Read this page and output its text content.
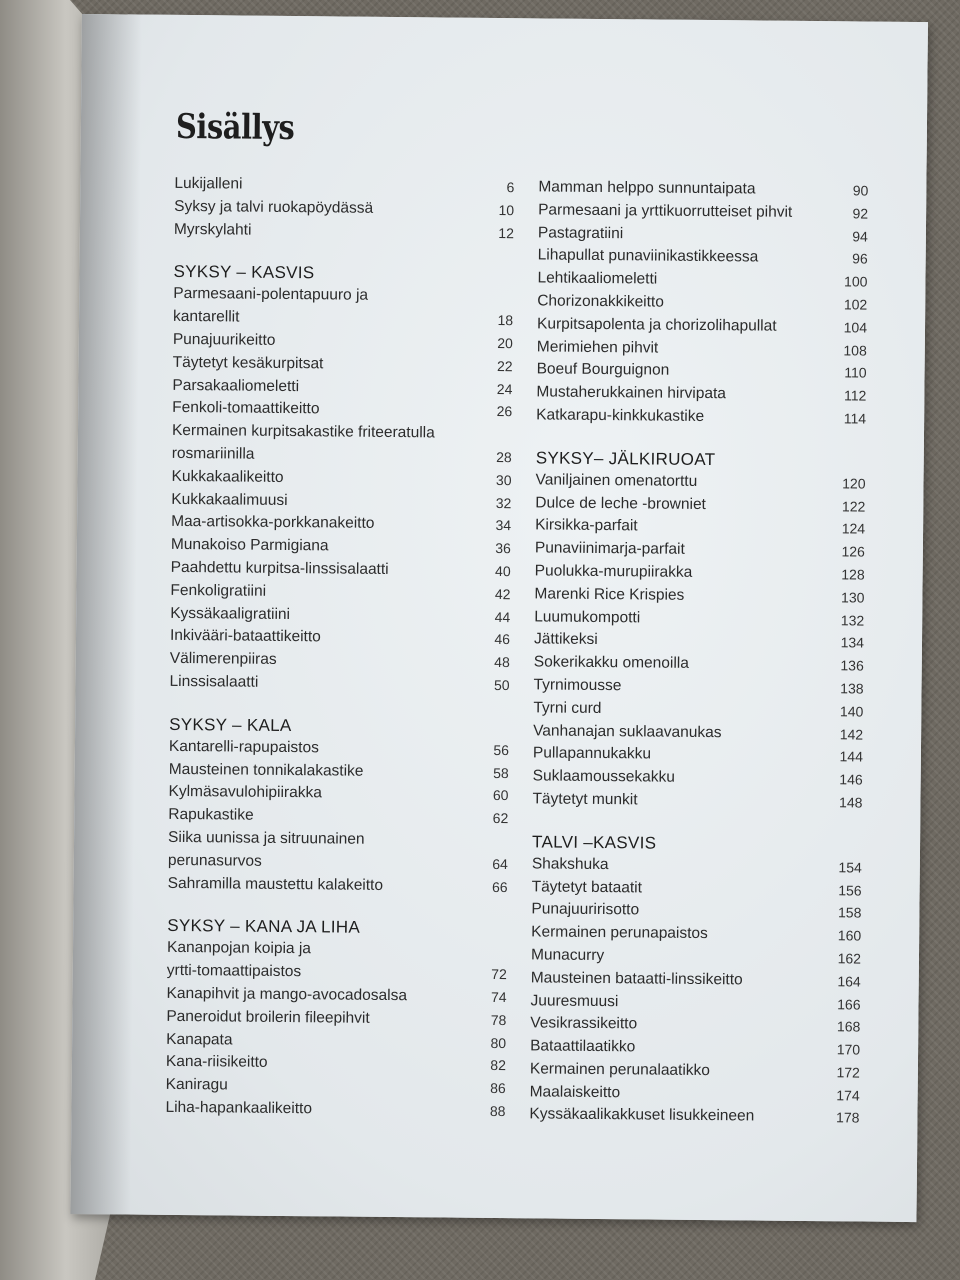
Sisällys
Lukijalleni	6
Syksy ja talvi ruokapöydässä	10
Myrskylahti	12
SYKSY – KASVIS
Parmesaani-polentapuuro ja
kantarellit	18
Punajuurikeitto	20
Täytetyt kesäkurpitsat	22
Parsakaaliomeletti	24
Fenkoli-tomaattikeitto	26
Kermainen kurpitsakastike friteeratulla
rosmariinilla	28
Kukkakaalikeitto	30
Kukkakaalimuusi	32
Maa-artisokka-porkkanakeitto	34
Munakoiso Parmigiana	36
Paahdettu kurpitsa-linssisalaatti	40
Fenkoligratiini	42
Kyssäkaaligratiini	44
Inkivääri-bataattikeitto	46
Välimerenpiiras	48
Linssisalaatti	50
SYKSY – KALA
Kantarelli-rapupaistos	56
Mausteinen tonnikalakastike	58
Kylmäsavulohipiirakka	60
Rapukastike	62
Siika uunissa ja sitruunainen
perunasurvos	64
Sahramilla maustettu kalakeitto	66
SYKSY – KANA JA LIHA
Kananpojan koipia ja
yrtti-tomaattipaistos	72
Kanapihvit ja mango-avocadosalsa	74
Paneroidut broilerin fileepihvit	78
Kanapata	80
Kana-riisikeitto	82
Kaniragu	86
Liha-hapankaalikeitto	88
Mamman helppo sunnuntaipata	90
Parmesaani ja yrttikuorrutteiset pihvit	92
Pastagratiini	94
Lihapullat punaviinikastikkeessa	96
Lehtikaaliomeletti	100
Chorizonakkikeitto	102
Kurpitsapolenta ja chorizolihapullat	104
Merimiehen pihvit	108
Boeuf Bourguignon	110
Mustaherukkainen hirvipata	112
Katkarapu-kinkkukastike	114
SYKSY– JÄLKIRUOAT
Vaniljainen omenatorttu	120
Dulce de leche -browniet	122
Kirsikka-parfait	124
Punaviinimarja-parfait	126
Puolukka-murupiirakka	128
Marenki Rice Krispies	130
Luumukompotti	132
Jättikeksi	134
Sokerikakku omenoilla	136
Tyrnimousse	138
Tyrni curd	140
Vanhanajan suklaavanukas	142
Pullapannukakku	144
Suklaamoussekakku	146
Täytetyt munkit	148
TALVI –KASVIS
Shakshuka	154
Täytetyt bataatit	156
Punajuuririsotto	158
Kermainen perunapaistos	160
Munacurry	162
Mausteinen bataatti-linssikeitto	164
Juuresmuusi	166
Vesikrassikeitto	168
Bataattilaatikko	170
Kermainen perunalaatikko	172
Maalaiskeitto	174
Kyssäkaalikakkuset lisukkeineen	178
